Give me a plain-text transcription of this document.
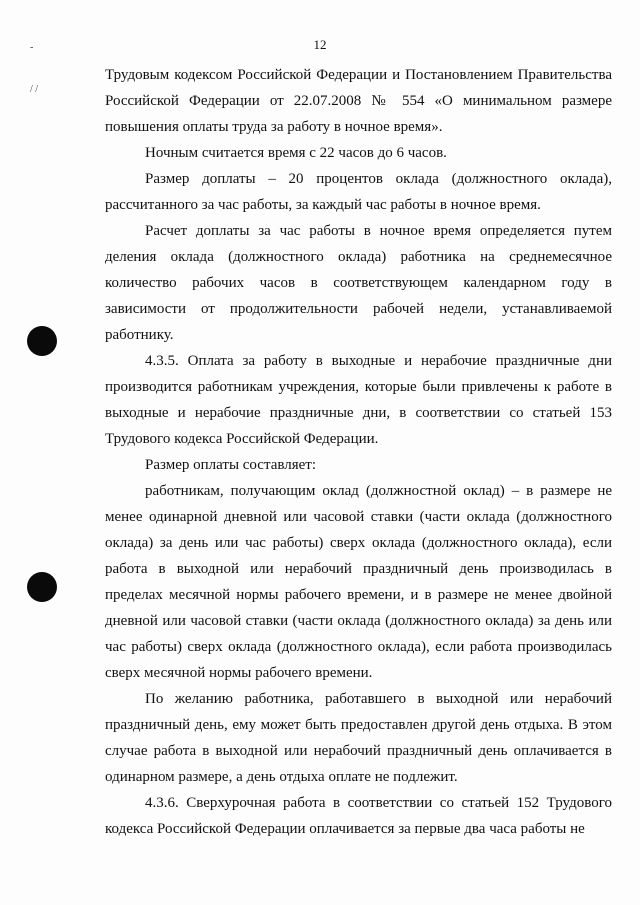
12
-
/ /

Трудовым кодексом Российской Федерации и Постановлением Правительства Российской Федерации от 22.07.2008 № 554 «О минимальном размере повышения оплаты труда за работу в ночное время».

Ночным считается время с 22 часов до 6 часов.

Размер доплаты – 20 процентов оклада (должностного оклада), рассчитанного за час работы, за каждый час работы в ночное время.

Расчет доплаты за час работы в ночное время определяется путем деления оклада (должностного оклада) работника на среднемесячное количество рабочих часов в соответствующем календарном году в зависимости от продолжительности рабочей недели, устанавливаемой работнику.

4.3.5. Оплата за работу в выходные и нерабочие праздничные дни производится работникам учреждения, которые были привлечены к работе в выходные и нерабочие праздничные дни, в соответствии со статьей 153 Трудового кодекса Российской Федерации.

Размер оплаты составляет:

работникам, получающим оклад (должностной оклад) – в размере не менее одинарной дневной или часовой ставки (части оклада (должностного оклада) за день или час работы) сверх оклада (должностного оклада), если работа в выходной или нерабочий праздничный день производилась в пределах месячной нормы рабочего времени, и в размере не менее двойной дневной или часовой ставки (части оклада (должностного оклада) за день или час работы) сверх оклада (должностного оклада), если работа производилась сверх месячной нормы рабочего времени.

По желанию работника, работавшего в выходной или нерабочий праздничный день, ему может быть предоставлен другой день отдыха. В этом случае работа в выходной или нерабочий праздничный день оплачивается в одинарном размере, а день отдыха оплате не подлежит.

4.3.6. Сверхурочная работа в соответствии со статьей 152 Трудового кодекса Российской Федерации оплачивается за первые два часа работы не
